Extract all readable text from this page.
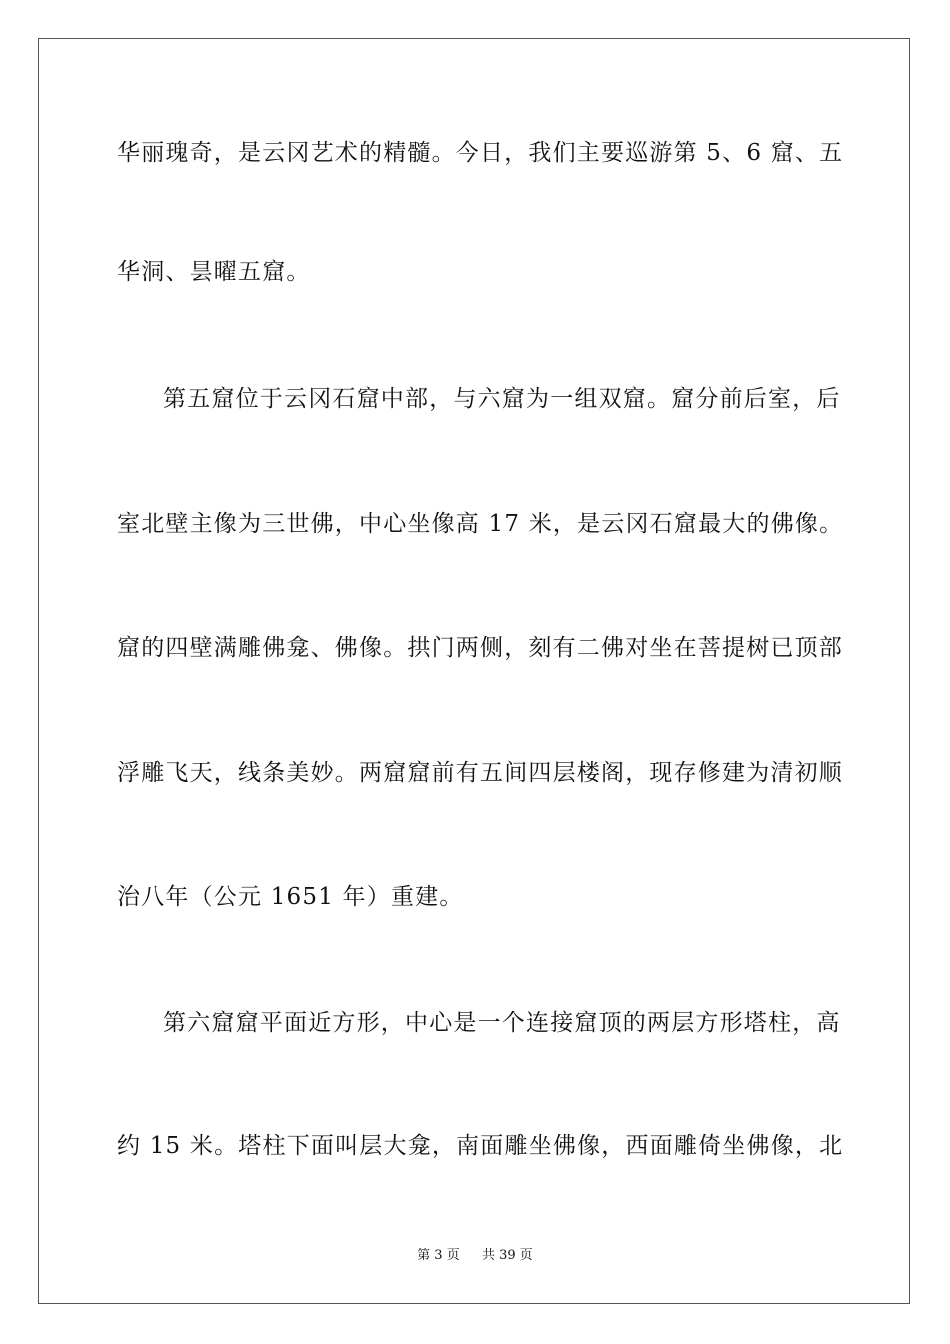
华丽瑰奇，是云冈艺术的精髓。今日，我们主要巡游第 5、6 窟、五
华洞、昙曜五窟。
第五窟位于云冈石窟中部，与六窟为一组双窟。窟分前后室，后
室北壁主像为三世佛，中心坐像高 17 米，是云冈石窟最大的佛像。
窟的四壁满雕佛龛、佛像。拱门两侧，刻有二佛对坐在菩提树已顶部
浮雕飞天，线条美妙。两窟窟前有五间四层楼阁，现存修建为清初顺
治八年（公元 1651 年）重建。
第六窟窟平面近方形，中心是一个连接窟顶的两层方形塔柱，高
约 15 米。塔柱下面叫层大龛，南面雕坐佛像，西面雕倚坐佛像，北
第 3 页 共 39 页
